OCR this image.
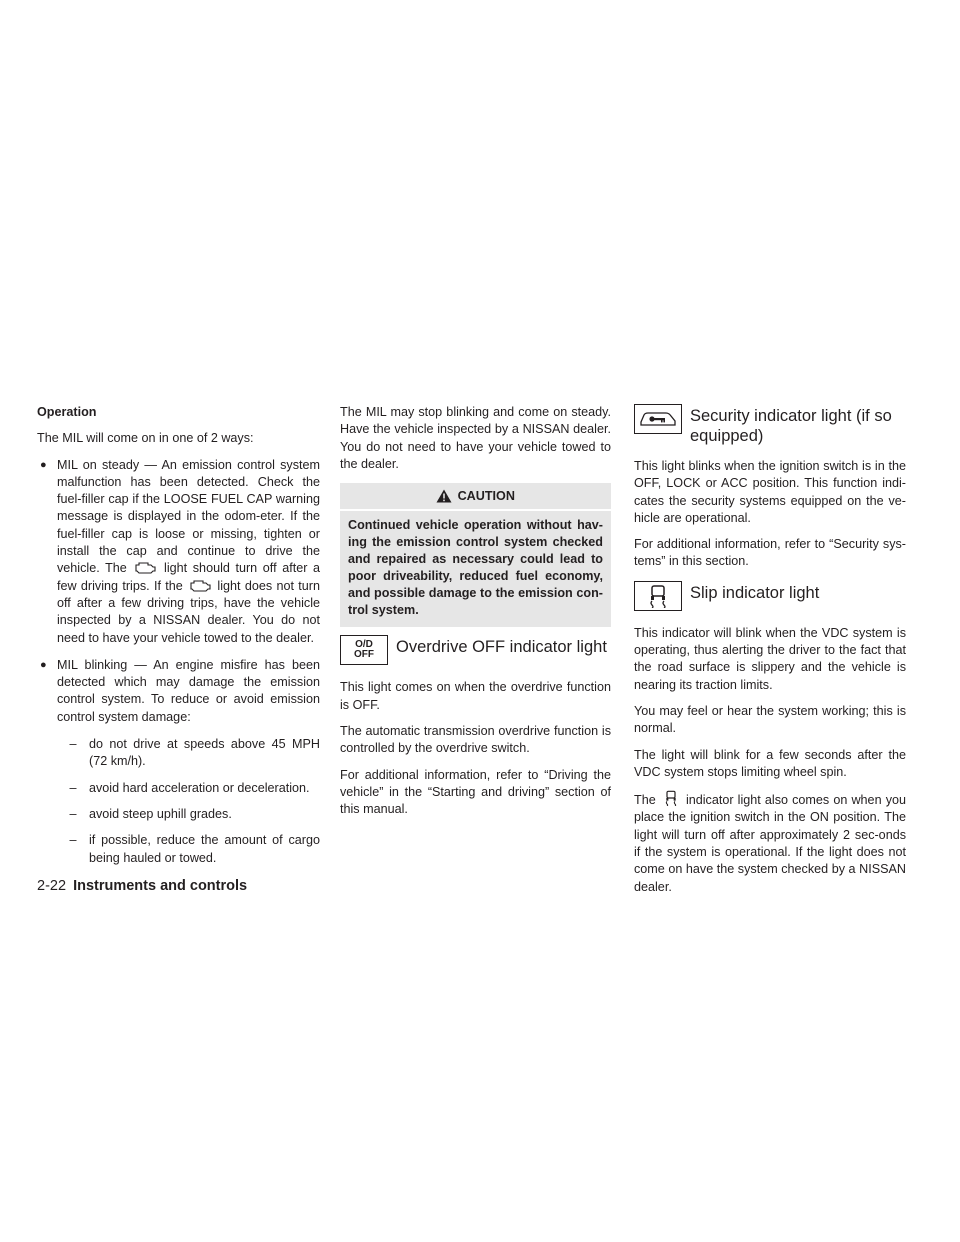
Operation

The MIL will come on in one of 2 ways:

● MIL on steady — An emission control system malfunction has been detected. Check the fuel-filler cap if the LOOSE FUEL CAP warning message is displayed in the odom-eter. If the fuel-filler cap is loose or missing, tighten or install the cap and continue to drive the vehicle. The	light should turn off after a few driving trips. If the	light does not turn off after a few driving trips, have the vehicle inspected by a NISSAN dealer. You do not need to have your vehicle towed to the dealer.
● MIL blinking — An engine misfire has been detected which may damage the emission control system. To reduce or avoid emission control system damage:
– do not drive at speeds above 45 MPH (72 km/h).
– avoid hard acceleration or deceleration.
– avoid steep uphill grades.
– if possible, reduce the amount of cargo being hauled or towed.

The MIL may stop blinking and come on steady. Have the vehicle inspected by a NISSAN dealer. You do not need to have your vehicle towed to the dealer.

CAUTION
Continued vehicle operation without hav-ing the emission control system checked and repaired as necessary could lead to poor driveability, reduced fuel economy, and possible damage to the emission con-trol system.
O/D
OFF Overdrive OFF indicator light

This light comes on when the overdrive function is OFF.

The automatic transmission overdrive function is controlled by the overdrive switch.

For additional information, refer to “Driving the vehicle” in the “Starting and driving” section of this manual.

Security indicator light (if so equipped)

This light blinks when the ignition switch is in the OFF, LOCK or ACC position. This function indi-cates the security systems equipped on the ve-hicle are operational.

For additional information, refer to “Security sys-tems” in this section.

Slip indicator light

This indicator will blink when the VDC system is operating, thus alerting the driver to the fact that the road surface is slippery and the vehicle is nearing its traction limits.

You may feel or hear the system working; this is normal.

The light will blink for a few seconds after the VDC system stops limiting wheel spin.

The indicator light also comes on when you place the ignition switch in the ON position. The light will turn off after approximately 2 sec-onds if the system is operational. If the light does not come on have the system checked by a NISSAN dealer.

2-22 Instruments and controls
